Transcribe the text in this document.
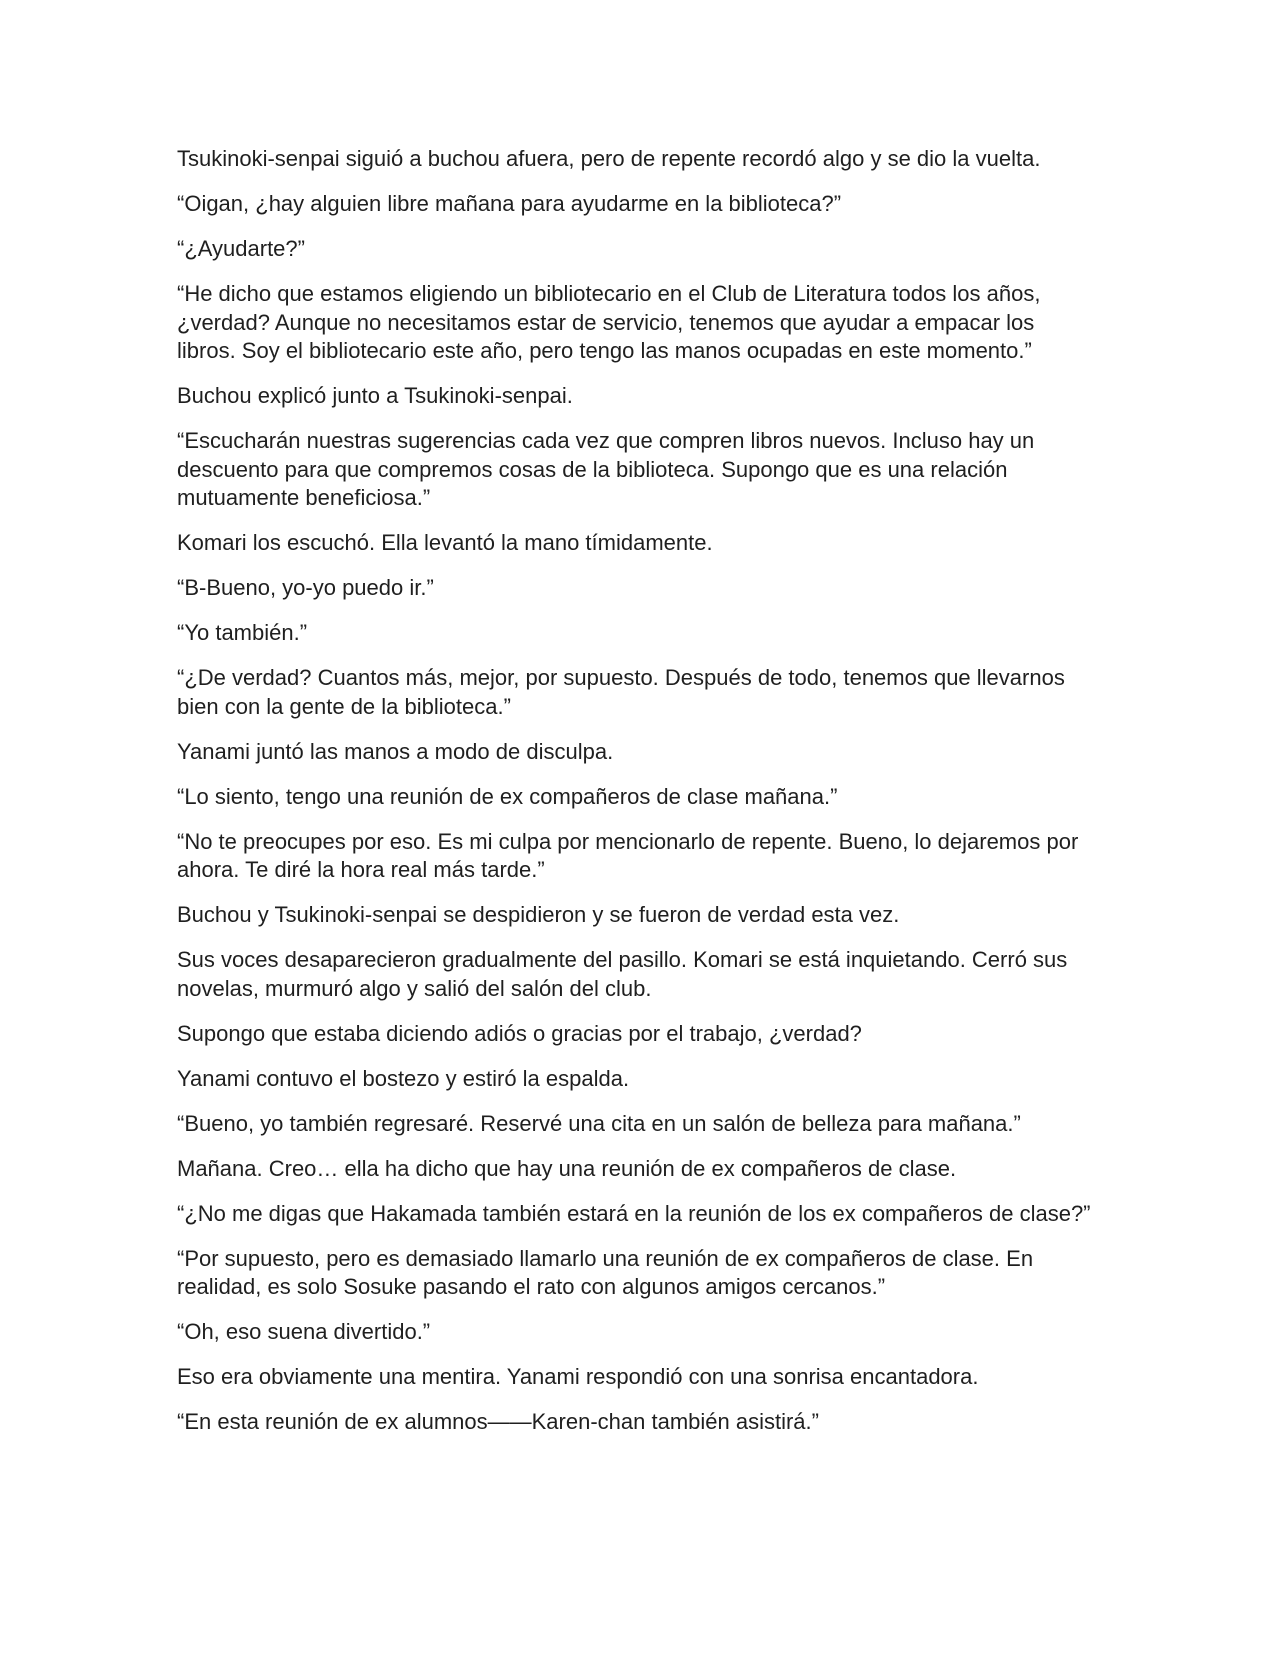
Tsukinoki-senpai siguió a buchou afuera, pero de repente recordó algo y se dio la vuelta.

“Oigan, ¿hay alguien libre mañana para ayudarme en la biblioteca?”

“¿Ayudarte?”

“He dicho que estamos eligiendo un bibliotecario en el Club de Literatura todos los años, ¿verdad? Aunque no necesitamos estar de servicio, tenemos que ayudar a empacar los libros. Soy el bibliotecario este año, pero tengo las manos ocupadas en este momento.”

Buchou explicó junto a Tsukinoki-senpai.

“Escucharán nuestras sugerencias cada vez que compren libros nuevos. Incluso hay un descuento para que compremos cosas de la biblioteca. Supongo que es una relación mutuamente beneficiosa.”

Komari los escuchó. Ella levantó la mano tímidamente.

“B-Bueno, yo-yo puedo ir.”

“Yo también.”

“¿De verdad? Cuantos más, mejor, por supuesto. Después de todo, tenemos que llevarnos bien con la gente de la biblioteca.”

Yanami juntó las manos a modo de disculpa.

“Lo siento, tengo una reunión de ex compañeros de clase mañana.”

“No te preocupes por eso. Es mi culpa por mencionarlo de repente. Bueno, lo dejaremos por ahora. Te diré la hora real más tarde.”

Buchou y Tsukinoki-senpai se despidieron y se fueron de verdad esta vez.

Sus voces desaparecieron gradualmente del pasillo. Komari se está inquietando. Cerró sus novelas, murmuró algo y salió del salón del club.

Supongo que estaba diciendo adiós o gracias por el trabajo, ¿verdad?

Yanami contuvo el bostezo y estiró la espalda.

“Bueno, yo también regresaré. Reservé una cita en un salón de belleza para mañana.”

Mañana. Creo… ella ha dicho que hay una reunión de ex compañeros de clase.

“¿No me digas que Hakamada también estará en la reunión de los ex compañeros de clase?”

“Por supuesto, pero es demasiado llamarlo una reunión de ex compañeros de clase. En realidad, es solo Sosuke pasando el rato con algunos amigos cercanos.”

“Oh, eso suena divertido.”

Eso era obviamente una mentira. Yanami respondió con una sonrisa encantadora.

“En esta reunión de ex alumnos——Karen-chan también asistirá.”
